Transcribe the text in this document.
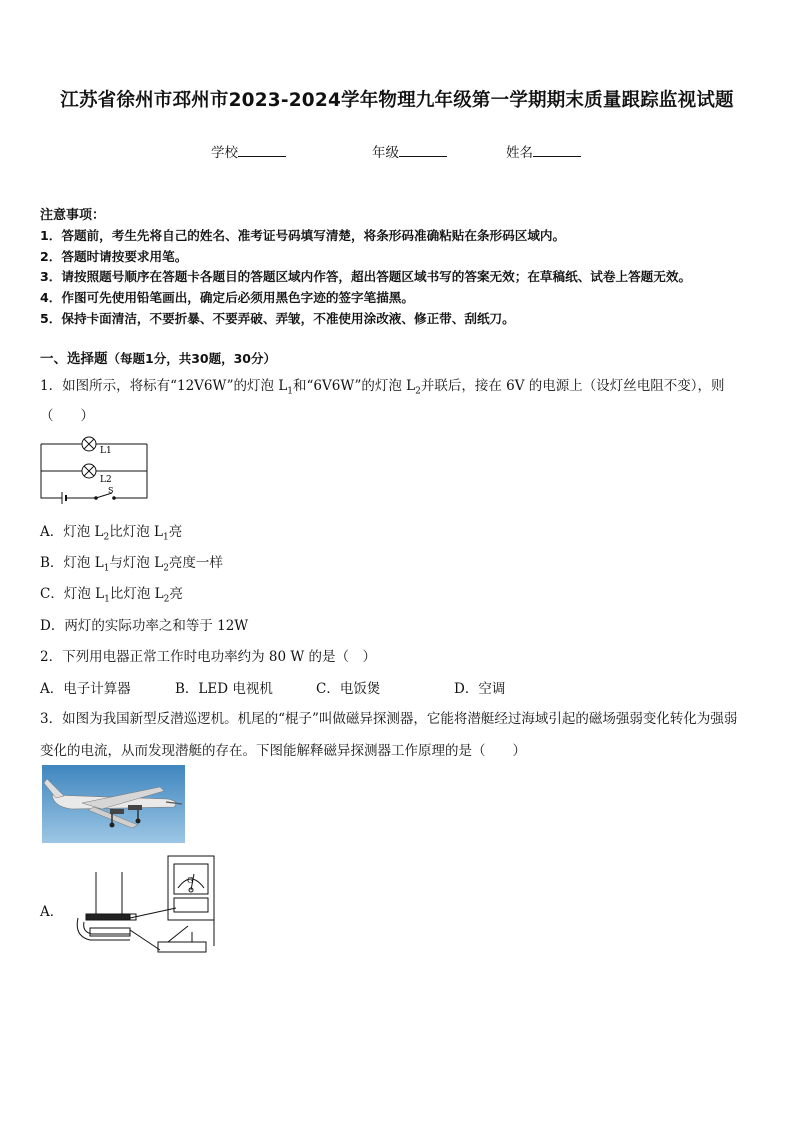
江苏省徐州市邳州市2023-2024学年物理九年级第一学期期末质量跟踪监视试题
学校	年级	姓名
注意事项：
1．答题前，考生先将自己的姓名、准考证号码填写清楚，将条形码准确粘贴在条形码区域内。
2．答题时请按要求用笔。
3．请按照题号顺序在答题卡各题目的答题区域内作答，超出答题区域书写的答案无效；在草稿纸、试卷上答题无效。
4．作图可先使用铅笔画出，确定后必须用黑色字迹的签字笔描黑。
5．保持卡面清洁，不要折暴、不要弄破、弄皱，不准使用涂改液、修正带、刮纸刀。
一、选择题（每题1分，共30题，30分）
1．如图所示，将标有“12V6W”的灯泡 $L_1$和“6V6W”的灯泡 $L_2$并联后，接在 6V 的电源上（设灯丝电阻不变），则
（　　）
L1
L2
S
A．灯泡 $L_2$比灯泡 $L_1$亮
B．灯泡 $L_1$与灯泡 $L_2$亮度一样
C．灯泡 $L_1$比灯泡 $L_2$亮
D．两灯的实际功率之和等于 12W
2．下列用电器正常工作时电功率约为 80 W 的是（　）
A．电子计算器	B．LED 电视机	C．电饭煲	D．空调
3．如图为我国新型反潜巡逻机。机尾的“棍子”叫做磁异探测器，它能将潜艇经过海域引起的磁场强弱变化转化为强弱
变化的电流，从而发现潜艇的存在。下图能解释磁异探测器工作原理的是（　　）
A．
G
